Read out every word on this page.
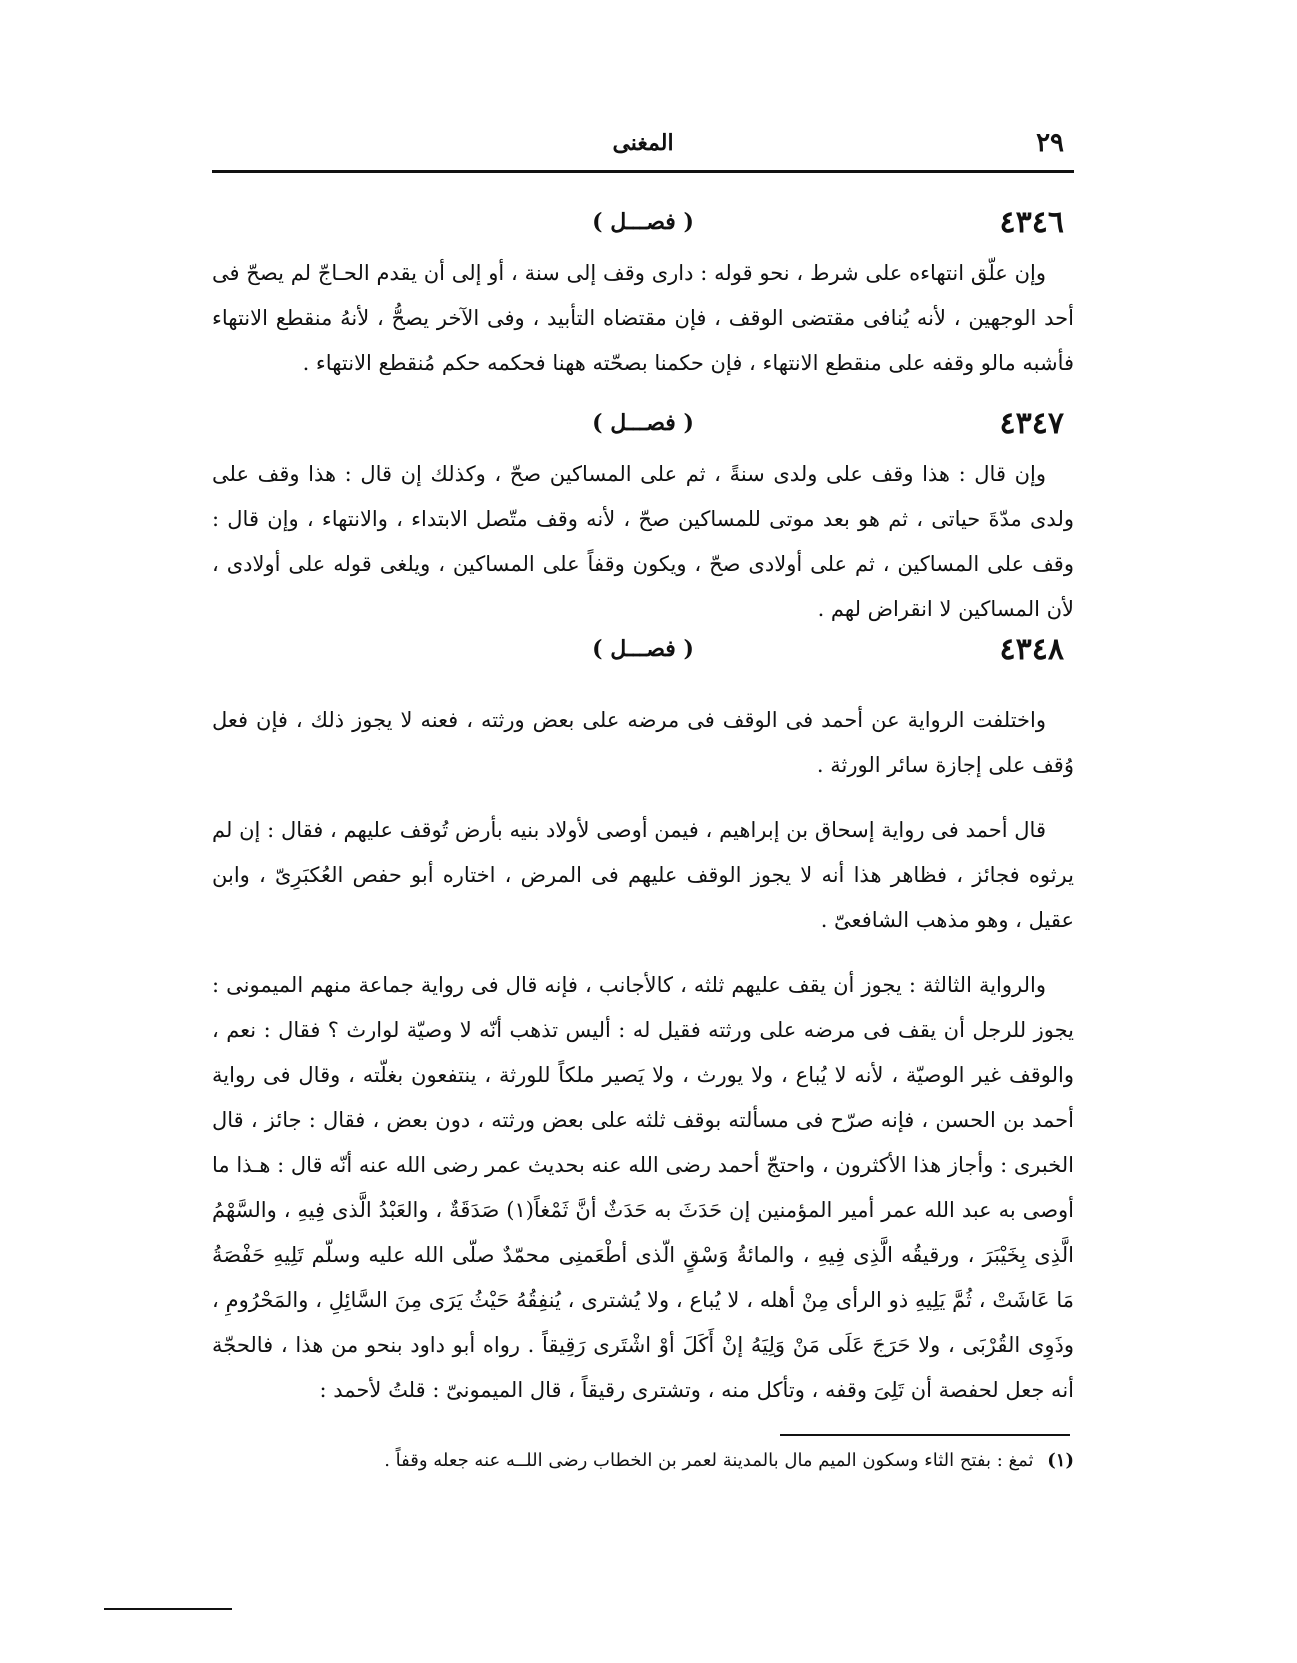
٢٩
المغنى
٤٣٤٦
( فصـــل )

وإن علّق انتهاءه على شرط ، نحو قوله : دارى وقف إلى سنة ، أو إلى أن يقدم الحـاجّ لم يصحّ فى أحد الوجهين ، لأنه يُنافى مقتضى الوقف ، فإن مقتضاه التأبيد ، وفى الآخر يصحُّ ، لأنهُ منقطع الانتهاء فأشبه مالو وقفه على منقطع الانتهاء ، فإن حكمنا بصحّته ههنا فحكمه حكم مُنقطع الانتهاء .

٤٣٤٧
( فصـــل )

وإن قال : هذا وقف على ولدى سنةً ، ثم على المساكين صحّ ، وكذلك إن قال : هذا وقف على ولدى مدّةَ حياتى ، ثم هو بعد موتى للمساكين صحّ ، لأنه وقف متّصل الابتداء ، والانتهاء ، وإن قال : وقف على المساكين ، ثم على أولادى صحّ ، ويكون وقفاً على المساكين ، ويلغى قوله على أولادى ، لأن المساكين لا انقراض لهم .

٤٣٤٨
( فصـــل )

واختلفت الرواية عن أحمد فى الوقف فى مرضه على بعض ورثته ، فعنه لا يجوز ذلك ، فإن فعل وُقف على إجازة سائر الورثة .

قال أحمد فى رواية إسحاق بن إبراهيم ، فيمن أوصى لأولاد بنيه بأرض تُوقف عليهم ، فقال : إن لم يرثوه فجائز ، فظاهر هذا أنه لا يجوز الوقف عليهم فى المرض ، اختاره أبو حفص العُكبَرِىّ ، وابن عقيل ، وهو مذهب الشافعىّ .

والرواية الثالثة : يجوز أن يقف عليهم ثلثه ، كالأجانب ، فإنه قال فى رواية جماعة منهم الميمونى : يجوز للرجل أن يقف فى مرضه على ورثته فقيل له : أليس تذهب أنّه لا وصيّة لوارث ؟ فقال : نعم ، والوقف غير الوصيّة ، لأنه لا يُباع ، ولا يورث ، ولا يَصير ملكاً للورثة ، ينتفعون بغلّته ، وقال فى رواية أحمد بن الحسن ، فإنه صرّح فى مسألته بوقف ثلثه على بعض ورثته ، دون بعض ، فقال : جائز ، قال الخبرى : وأجاز هذا الأكثرون ، واحتجّ أحمد رضى الله عنه بحديث عمر رضى الله عنه أنّه قال : هـذا ما أوصى به عبد الله عمر أمير المؤمنين إن حَدَثَ به حَدَثٌ أنَّ ثَمْغاً(١) صَدَقَةٌ ، والعَبْدُ الَّذى فِيهِ ، والسَّهْمُ الَّذِى بِخَيْبَرَ ، ورقيقُه الَّذِى فِيهِ ، والمائةُ وَسْقٍ الّذى أطْعَمنِى محمّدٌ صلّى الله عليه وسلّم تَلِيهِ حَفْصَةُ مَا عَاشَتْ ، ثُمَّ يَلِيهِ ذو الرأى مِنْ أهله ، لا يُباع ، ولا يُشترى ، يُنفِقُهُ حَيْثُ يَرَى مِنَ السَّائِلِ ، والمَحْرُومِ ، وذَوِى القُرْبَى ، ولا حَرَجَ عَلَى مَنْ وَلِيَهُ إنْ أَكَلَ أوْ اشْتَرى رَقِيقاً . رواه أبو داود بنحو من هذا ، فالحجّة أنه جعل لحفصة أن تَلِىَ وقفه ، وتأكل منه ، وتشترى رقيقاً ، قال الميمونىّ : قلتُ لأحمد :

(١) ثمغ : بفتح الثاء وسكون الميم مال بالمدينة لعمر بن الخطاب رضى اللــه عنه جعله وقفاً .
